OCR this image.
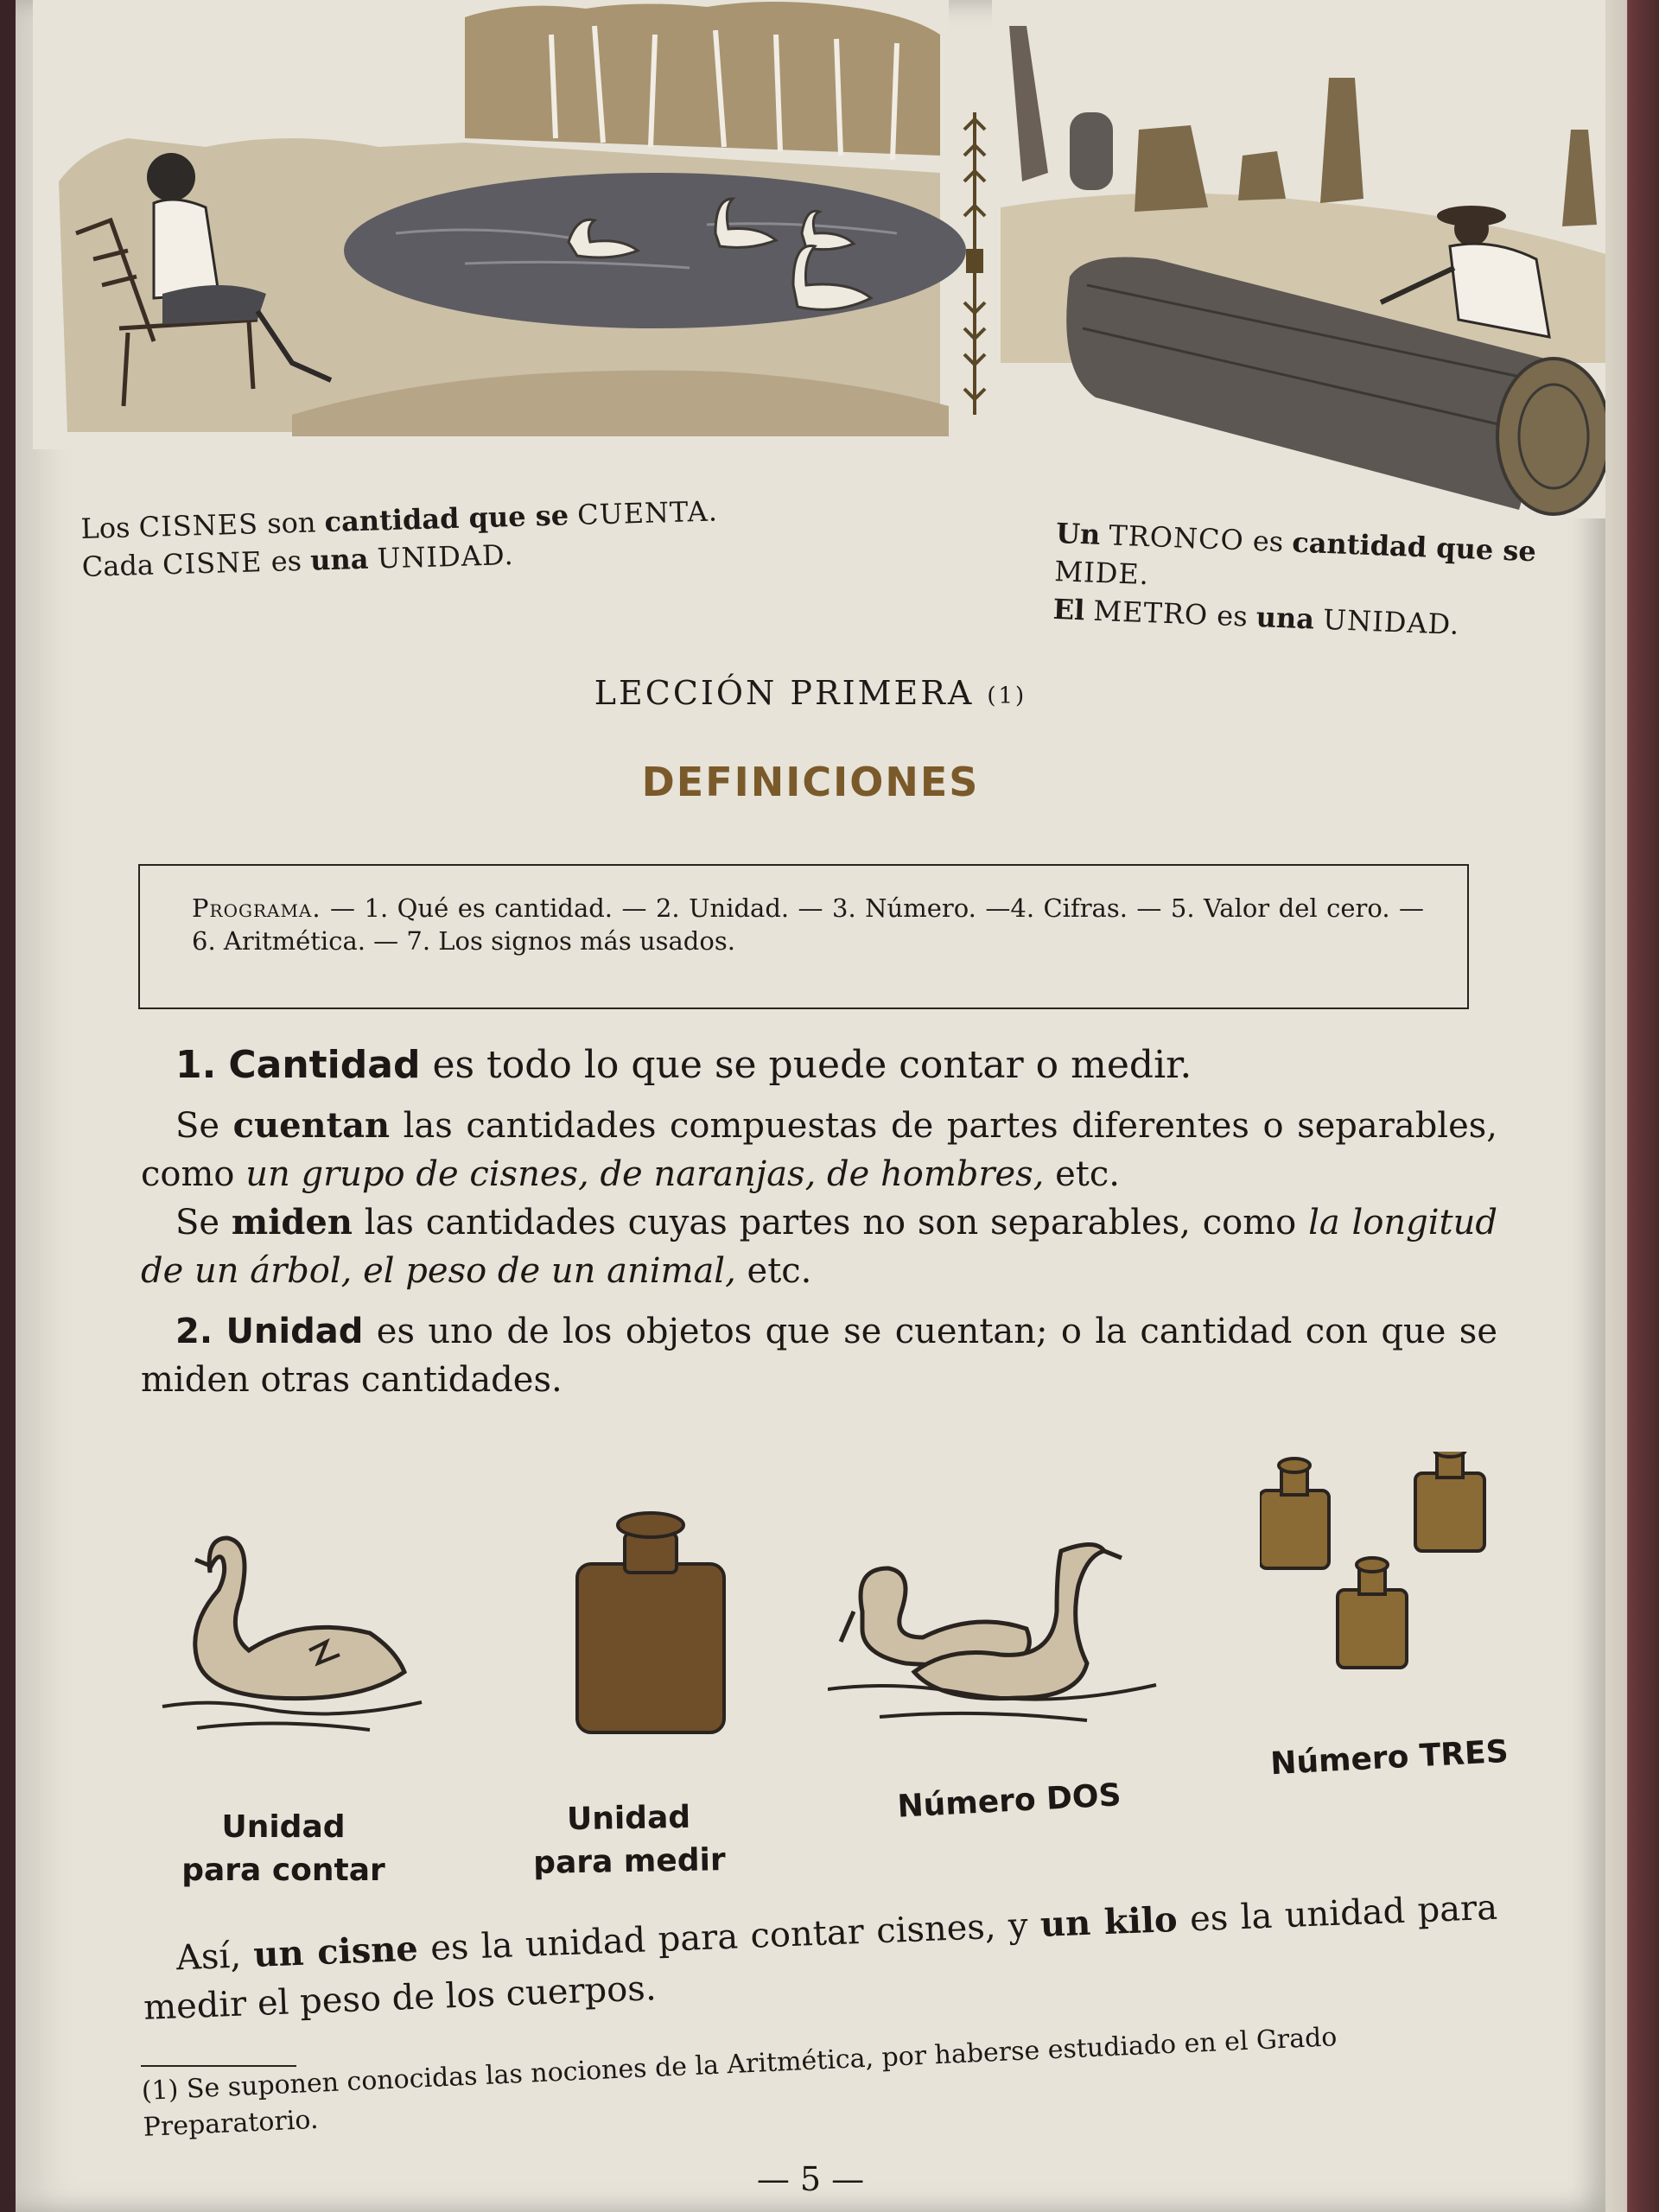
Los CISNES son cantidad que se CUENTA.
Cada CISNE es una UNIDAD.
Un TRONCO es cantidad que se MIDE.
El METRO es una UNIDAD.
LECCIÓN PRIMERA (1)
DEFINICIONES

Programa. — 1. Qué es cantidad. — 2. Unidad. — 3. Número. —4. Cifras. — 5. Valor del cero. — 6. Aritmética. — 7. Los signos más usados.

1. Cantidad es todo lo que se puede contar o medir.

Se cuentan las cantidades compuestas de partes diferentes o separables, como un grupo de cisnes, de naranjas, de hombres, etc.

Se miden las cantidades cuyas partes no son separables, como la longitud de un árbol, el peso de un animal, etc.

2. Unidad es uno de los objetos que se cuentan; o la cantidad con que se miden otras cantidades.

Unidad
para contar
Unidad
para medir
Número DOS
Número TRES

Así, un cisne es la unidad para contar cisnes, y un kilo es la unidad para medir el peso de los cuerpos.

(1) Se suponen conocidas las nociones de la Aritmética, por haberse estudiado en el Grado Preparatorio.
— 5 —
